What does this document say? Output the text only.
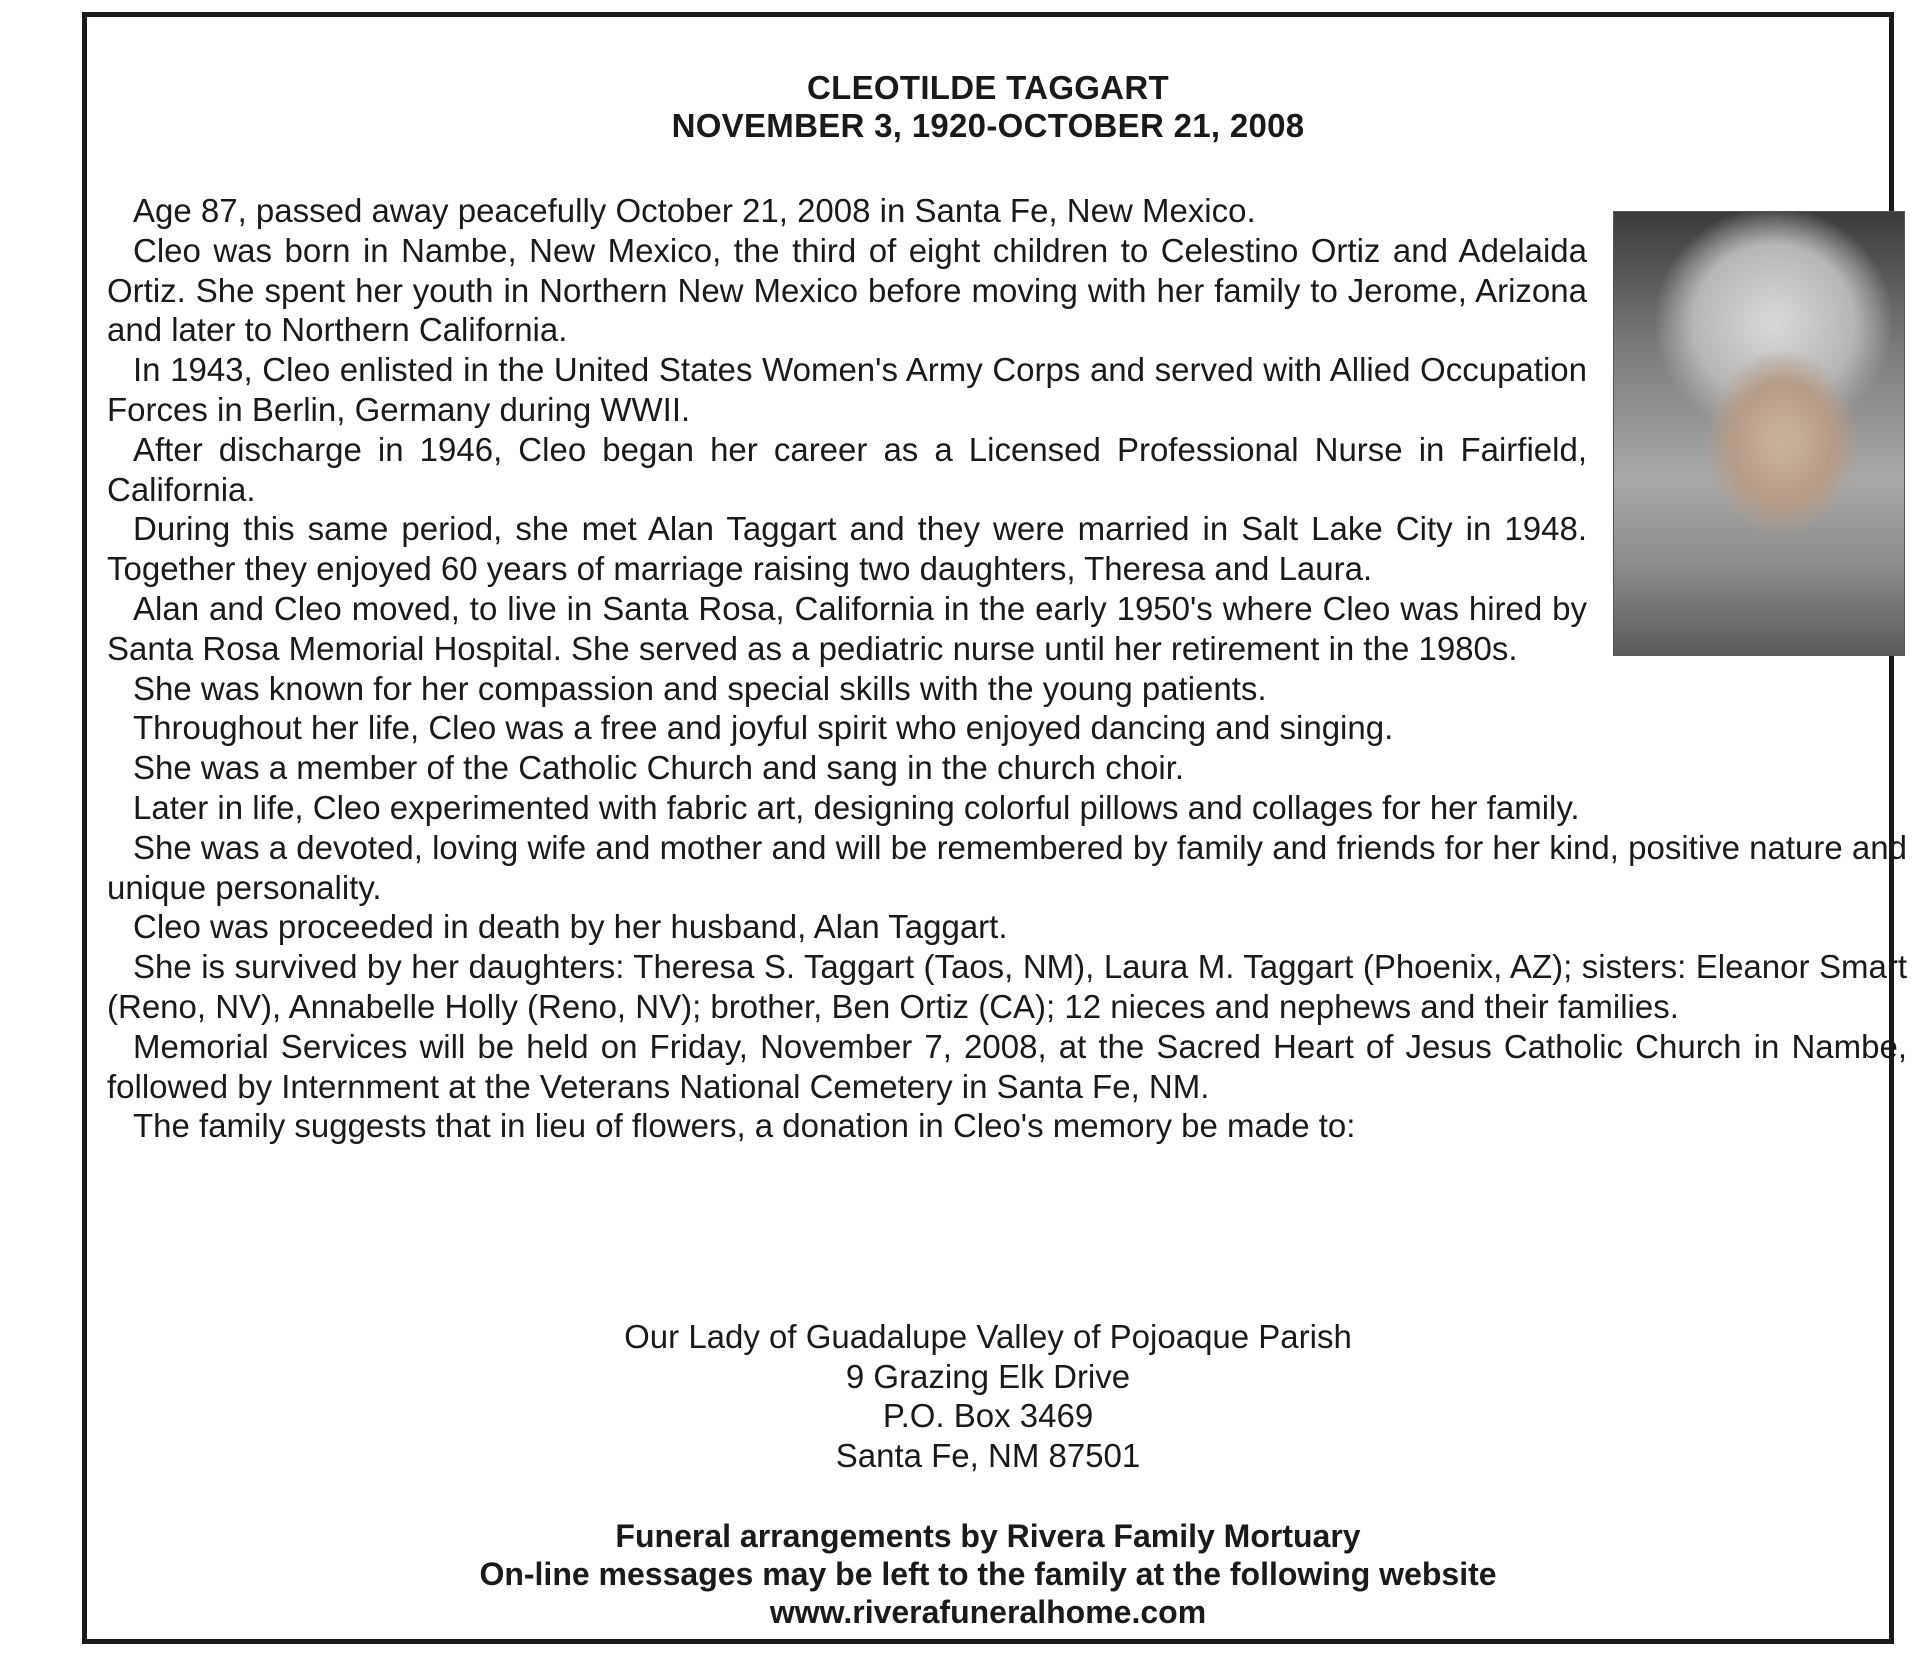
CLEOTILDE TAGGART
NOVEMBER 3, 1920-OCTOBER 21, 2008

Age 87, passed away peacefully October 21, 2008 in Santa Fe, New Mexico.

Cleo was born in Nambe, New Mexico, the third of eight children to Celestino Ortiz and Adelaida Ortiz. She spent her youth in Northern New Mexico before moving with her family to Jerome, Arizona and later to Northern California.

In 1943, Cleo enlisted in the United States Women's Army Corps and served with Allied Occupation Forces in Berlin, Germany during WWII.

After discharge in 1946, Cleo began her career as a Licensed Professional Nurse in Fairfield, California.

During this same period, she met Alan Taggart and they were married in Salt Lake City in 1948. Together they enjoyed 60 years of marriage raising two daughters, Theresa and Laura.

Alan and Cleo moved, to live in Santa Rosa, California in the early 1950's where Cleo was hired by Santa Rosa Memorial Hospital. She served as a pediatric nurse until her retirement in the 1980s.

She was known for her compassion and special skills with the young patients.

Throughout her life, Cleo was a free and joyful spirit who enjoyed dancing and singing.

She was a member of the Catholic Church and sang in the church choir.

Later in life, Cleo experimented with fabric art, designing colorful pillows and collages for her family.

She was a devoted, loving wife and mother and will be remembered by family and friends for her kind, positive nature and unique personality.

Cleo was proceeded in death by her husband, Alan Taggart.

She is survived by her daughters: Theresa S. Taggart (Taos, NM), Laura M. Taggart (Phoenix, AZ); sisters: Eleanor Smart (Reno, NV), Annabelle Holly (Reno, NV); brother, Ben Ortiz (CA); 12 nieces and nephews and their families.

Memorial Services will be held on Friday, November 7, 2008, at the Sacred Heart of Jesus Catholic Church in Nambe, followed by Internment at the Veterans National Cemetery in Santa Fe, NM.

The family suggests that in lieu of flowers, a donation in Cleo's memory be made to:

Our Lady of Guadalupe Valley of Pojoaque Parish
9 Grazing Elk Drive
P.O. Box 3469
Santa Fe, NM 87501
Funeral arrangements by Rivera Family Mortuary
On-line messages may be left to the family at the following website
www.riverafuneralhome.com
